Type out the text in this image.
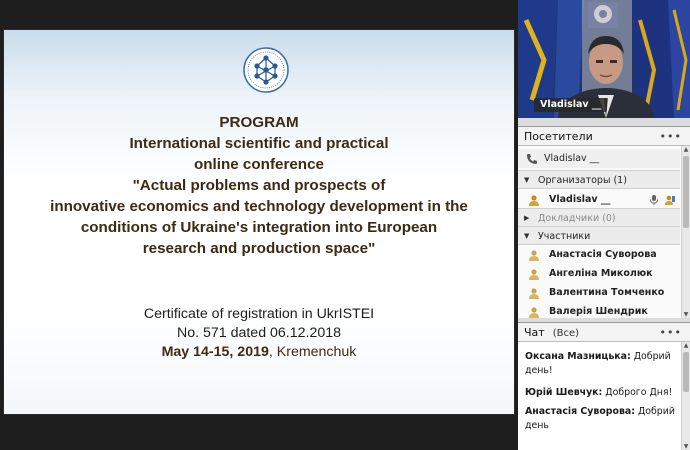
PROGRAM
International scientific and practical
online conference
"Actual problems and prospects of
innovative economics and technology development in the
conditions of Ukraine's integration into European
research and production space"
Certificate of registration in UkrISTEI
No. 571 dated 06.12.2018
May 14-15, 2019, Kremenchuk
Vladislav __
Посетители	•••
Vladislav __
▼ Организаторы (1)
Vladislav __
▶ Докладчики (0)
▼ Участники
Анастасія Суворова
Ангеліна Миколюк
Валентина Томченко
Валерія Шендрик
▲
▼
Чат (Все)	•••
Оксана Мазницька: Добрий день!
Юрій Шевчук: Доброго Дня!
Анастасія Суворова: Добрий день
▲
▼
